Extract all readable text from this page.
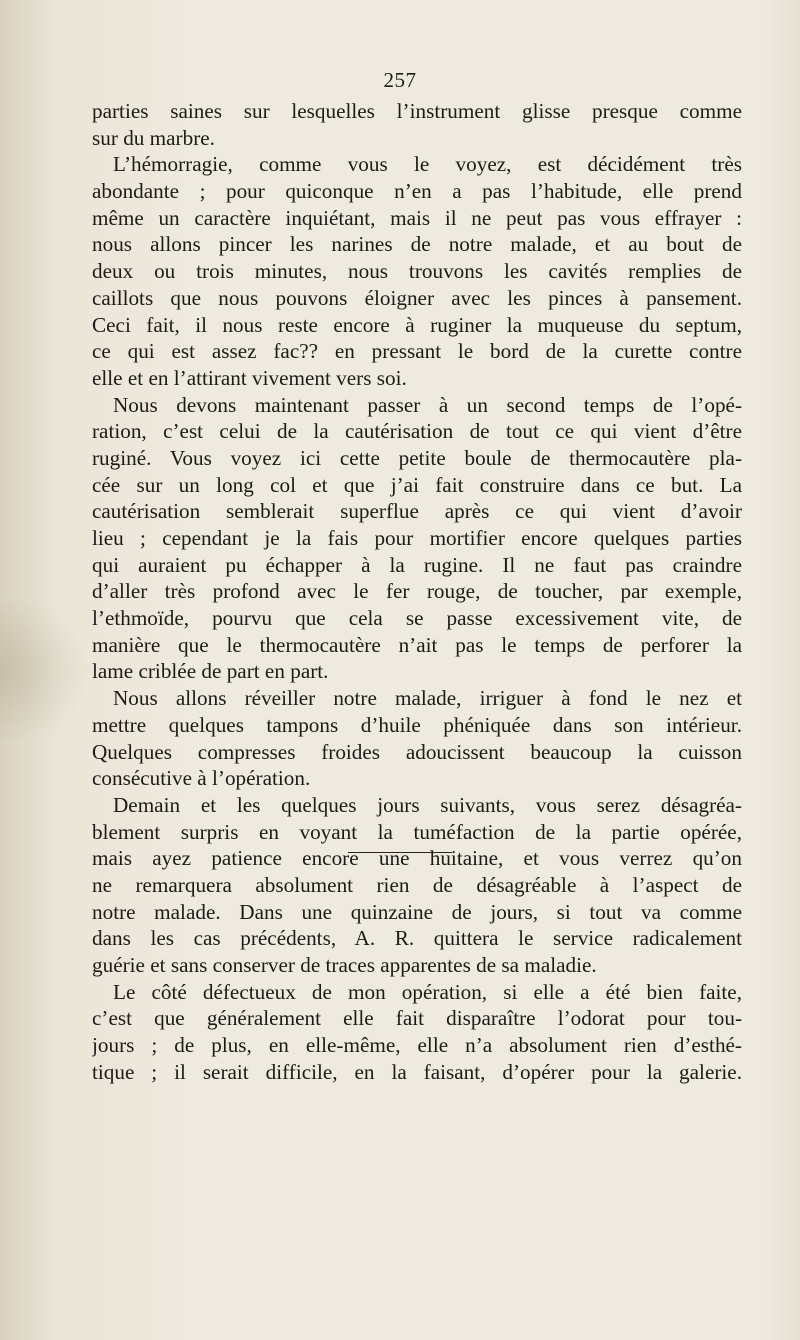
257
parties saines sur lesquelles l’instrument glisse presque comme
sur du marbre.
L’hémorragie, comme vous le voyez, est décidément très
abondante ; pour quiconque n’en a pas l’habitude, elle prend
même un caractère inquiétant, mais il ne peut pas vous effrayer :
nous allons pincer les narines de notre malade, et au bout de
deux ou trois minutes, nous trouvons les cavités remplies de
caillots que nous pouvons éloigner avec les pinces à pansement.
Ceci fait, il nous reste encore à ruginer la muqueuse du septum,
ce qui est assez fac?? en pressant le bord de la curette contre
elle et en l’attirant vivement vers soi.
Nous devons maintenant passer à un second temps de l’opé-
ration, c’est celui de la cautérisation de tout ce qui vient d’être
ruginé. Vous voyez ici cette petite boule de thermocautère pla-
cée sur un long col et que j’ai fait construire dans ce but. La
cautérisation semblerait superflue après ce qui vient d’avoir
lieu ; cependant je la fais pour mortifier encore quelques parties
qui auraient pu échapper à la rugine. Il ne faut pas craindre
d’aller très profond avec le fer rouge, de toucher, par exemple,
l’ethmoïde, pourvu que cela se passe excessivement vite, de
manière que le thermocautère n’ait pas le temps de perforer la
lame criblée de part en part.
Nous allons réveiller notre malade, irriguer à fond le nez et
mettre quelques tampons d’huile phéniquée dans son intérieur.
Quelques compresses froides adoucissent beaucoup la cuisson
consécutive à l’opération.
Demain et les quelques jours suivants, vous serez désagréa-
blement surpris en voyant la tuméfaction de la partie opérée,
mais ayez patience encore une huitaine, et vous verrez qu’on
ne remarquera absolument rien de désagréable à l’aspect de
notre malade. Dans une quinzaine de jours, si tout va comme
dans les cas précédents, A. R. quittera le service radicalement
guérie et sans conserver de traces apparentes de sa maladie.
Le côté défectueux de mon opération, si elle a été bien faite,
c’est que généralement elle fait disparaître l’odorat pour tou-
jours ; de plus, en elle-même, elle n’a absolument rien d’esthé-
tique ; il serait difficile, en la faisant, d’opérer pour la galerie.
